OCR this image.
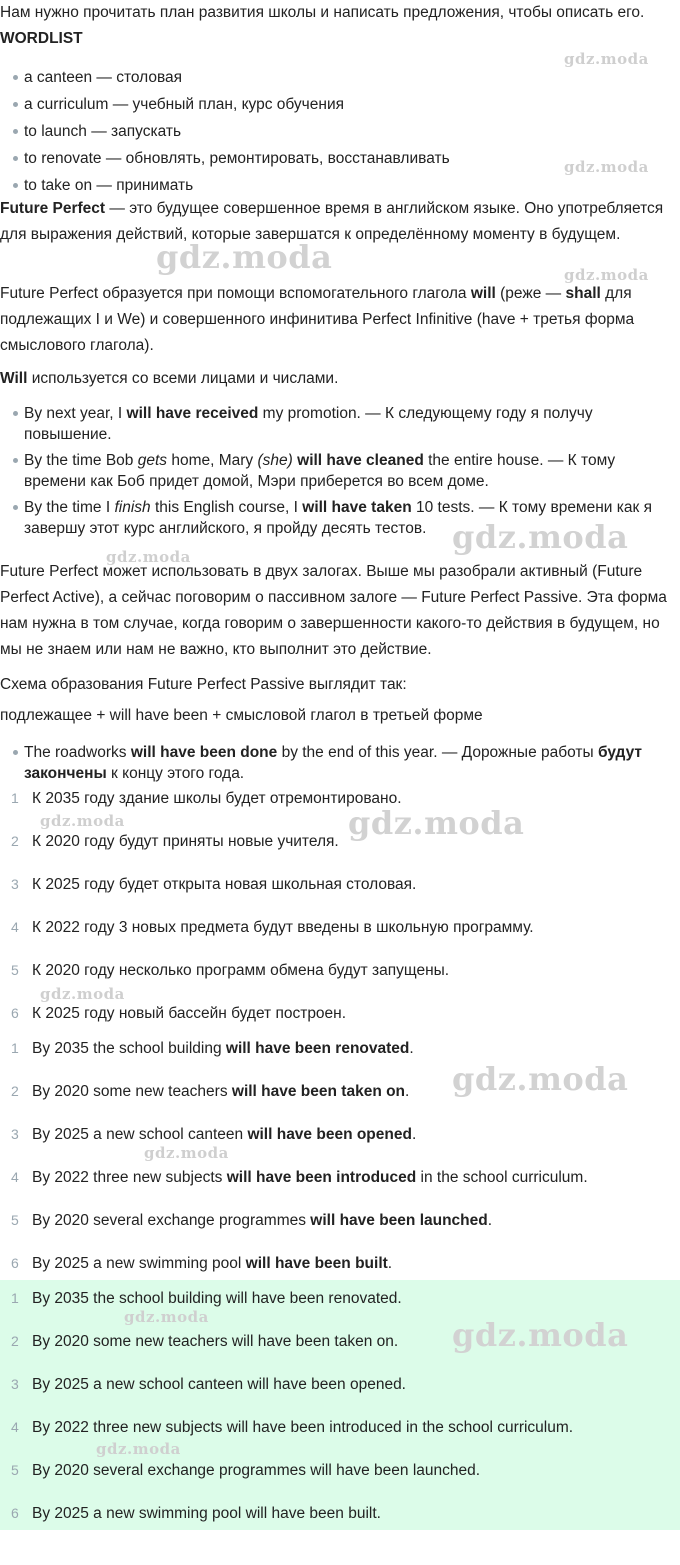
Нам нужно прочитать план развития школы и написать предложения, чтобы описать его.
WORDLIST
a canteen — столовая
a curriculum — учебный план, курс обучения
to launch — запускать
to renovate — обновлять, ремонтировать, восстанавливать
to take on — принимать
Future Perfect — это будущее совершенное время в английском языке. Оно употребляется для выражения действий, которые завершатся к определённому моменту в будущем.
Future Perfect образуется при помощи вспомогательного глагола will (реже — shall для подлежащих I и We) и совершенного инфинитива Perfect Infinitive (have + третья форма смыслового глагола).
Will используется со всеми лицами и числами.
By next year, I will have received my promotion. — К следующему году я получу повышение.
By the time Bob gets home, Mary (she) will have cleaned the entire house. — К тому времени как Боб придет домой, Мэри приберется во всем доме.
By the time I finish this English course, I will have taken 10 tests. — К тому времени как я завершу этот курс английского, я пройду десять тестов.
Future Perfect может использовать в двух залогах. Выше мы разобрали активный (Future Perfect Active), а сейчас поговорим о пассивном залоге — Future Perfect Passive. Эта форма нам нужна в том случае, когда говорим о завершенности какого-то действия в будущем, но мы не знаем или нам не важно, кто выполнит это действие.
Схема образования Future Perfect Passive выглядит так:
подлежащее + will have been + смысловой глагол в третьей форме
The roadworks will have been done by the end of this year. — Дорожные работы будут закончены к концу этого года.
1 К 2035 году здание школы будет отремонтировано.
2 К 2020 году будут приняты новые учителя.
3 К 2025 году будет открыта новая школьная столовая.
4 К 2022 году 3 новых предмета будут введены в школьную программу.
5 К 2020 году несколько программ обмена будут запущены.
6 К 2025 году новый бассейн будет построен.
1 By 2035 the school building will have been renovated.
2 By 2020 some new teachers will have been taken on.
3 By 2025 a new school canteen will have been opened.
4 By 2022 three new subjects will have been introduced in the school curriculum.
5 By 2020 several exchange programmes will have been launched.
6 By 2025 a new swimming pool will have been built.
1 By 2035 the school building will have been renovated.
2 By 2020 some new teachers will have been taken on.
3 By 2025 a new school canteen will have been opened.
4 By 2022 three new subjects will have been introduced in the school curriculum.
5 By 2020 several exchange programmes will have been launched.
6 By 2025 a new swimming pool will have been built.
gdz.moda
gdz.moda
gdz.moda	gdz.moda
gdz.moda
gdz.moda
gdz.moda	gdz.moda
gdz.moda
gdz.moda
gdz.moda
gdz.moda	gdz.moda
gdz.moda
